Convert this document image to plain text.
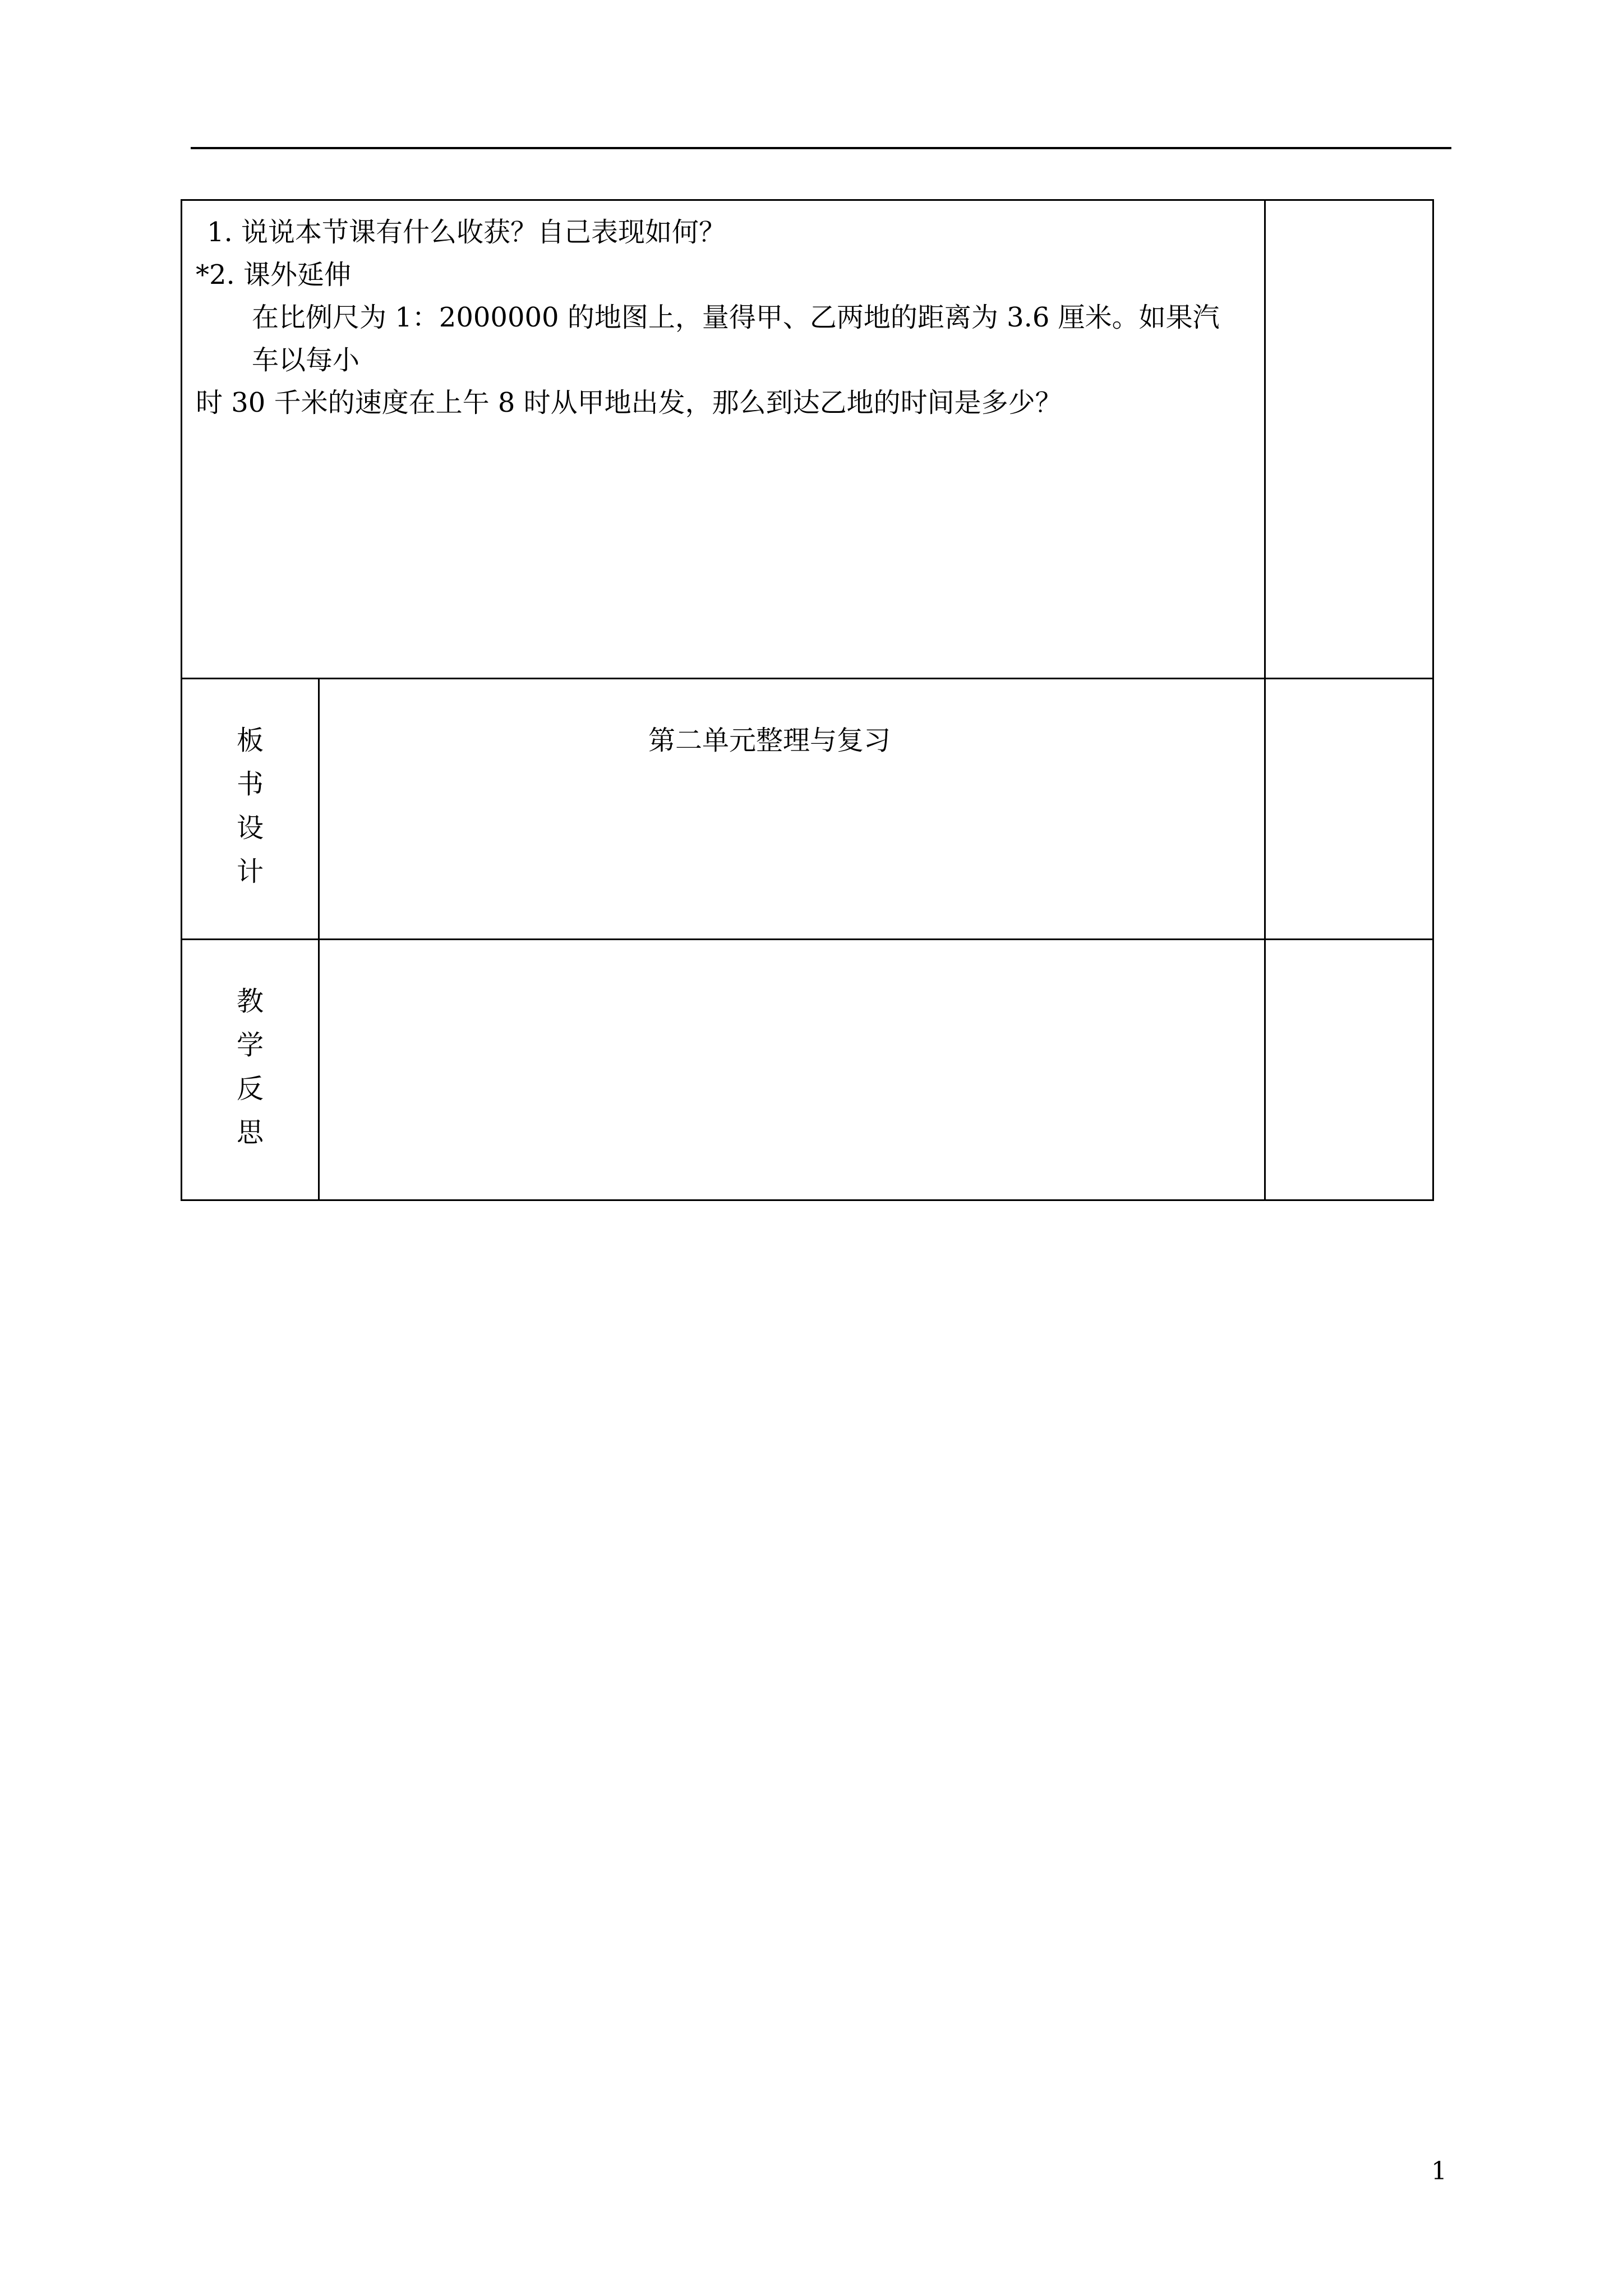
1. 说说本节课有什么收获？自己表现如何？
*2. 课外延伸
在比例尺为 1：2000000 的地图上，量得甲、乙两地的距离为 3.6 厘米。如果汽
车以每小
时 30 千米的速度在上午 8 时从甲地出发，那么到达乙地的时间是多少？		

板
书
设
计	第二单元整理与复习	

教
学
反
思		

1
